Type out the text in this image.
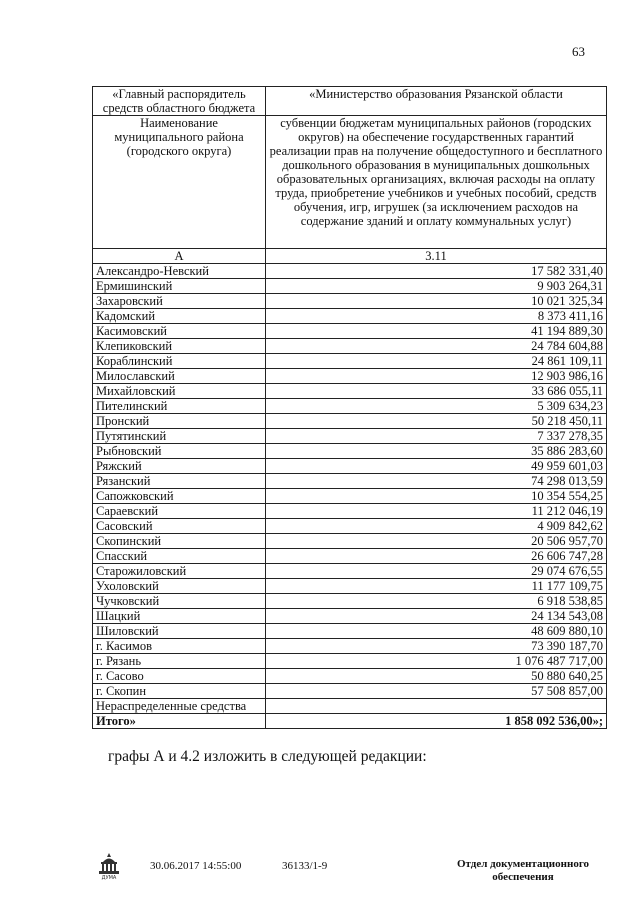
63
«Главный распорядитель средств областного бюджета	«Министерство образования Рязанской области
Наименование муниципального района (городского округа)	субвенции бюджетам муниципальных районов (городских округов) на обеспечение государственных гарантий реализации прав на получение общедоступного и бесплатного дошкольного образования в муниципальных дошкольных образовательных организациях, включая расходы на оплату труда, приобретение учебников и учебных пособий, средств обучения, игр, игрушек (за исключением расходов на содержание зданий и оплату коммунальных услуг)
А	3.11
Александро-Невский	17 582 331,40
Ермишинский	9 903 264,31
Захаровский	10 021 325,34
Кадомский	8 373 411,16
Касимовский	41 194 889,30
Клепиковский	24 784 604,88
Кораблинский	24 861 109,11
Милославский	12 903 986,16
Михайловский	33 686 055,11
Пителинский	5 309 634,23
Пронский	50 218 450,11
Путятинский	7 337 278,35
Рыбновский	35 886 283,60
Ряжский	49 959 601,03
Рязанский	74 298 013,59
Сапожковский	10 354 554,25
Сараевский	11 212 046,19
Сасовский	4 909 842,62
Скопинский	20 506 957,70
Спасский	26 606 747,28
Старожиловский	29 074 676,55
Ухоловский	11 177 109,75
Чучковский	6 918 538,85
Шацкий	24 134 543,08
Шиловский	48 609 880,10
г. Касимов	73 390 187,70
г. Рязань	1 076 487 717,00
г. Сасово	50 880 640,25
г. Скопин	57 508 857,00
Нераспределенные средства	
Итого»	1 858 092 536,00»;
графы А и 4.2 изложить в следующей редакции:
ДУМА
30.06.2017 14:55:00	36133/1-9	Отдел документационного обеспечения
